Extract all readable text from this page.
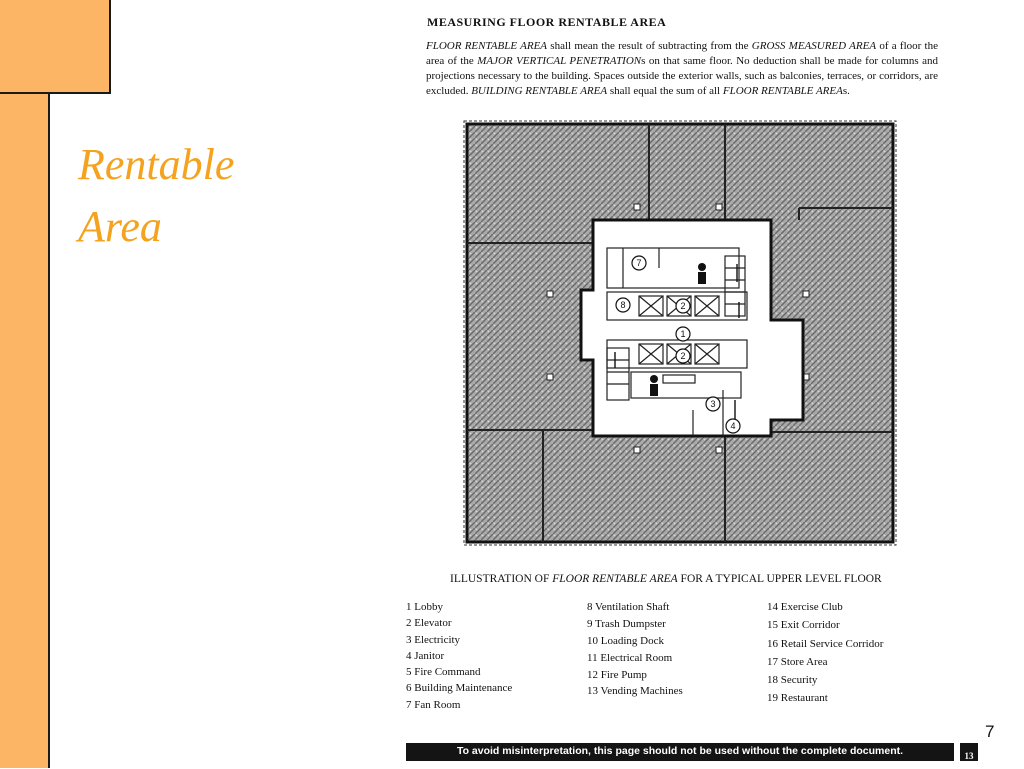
Rentable
Area
MEASURING FLOOR RENTABLE AREA
FLOOR RENTABLE AREA shall mean the result of subtracting from the GROSS MEASURED AREA of a floor the area of the MAJOR VERTICAL PENETRATIONs on that same floor. No deduction shall be made for columns and projections necessary to the building. Spaces outside the exterior walls, such as balconies, terraces, or corridors, are excluded. BUILDING RENTABLE AREA shall equal the sum of all FLOOR RENTABLE AREAs.
7
8	2
1
2
3
4
ILLUSTRATION OF FLOOR RENTABLE AREA FOR A TYPICAL UPPER LEVEL FLOOR
1 Lobby
2 Elevator
3 Electricity
4 Janitor
5 Fire Command
6 Building Maintenance
7 Fan Room
8 Ventilation Shaft
9 Trash Dumpster
10 Loading Dock
11 Electrical Room
12 Fire Pump
13 Vending Machines
14 Exercise Club
15 Exit Corridor
16 Retail Service Corridor
17 Store Area
18 Security
19 Restaurant
To avoid misinterpretation, this page should not be used without the complete document.	13
7
